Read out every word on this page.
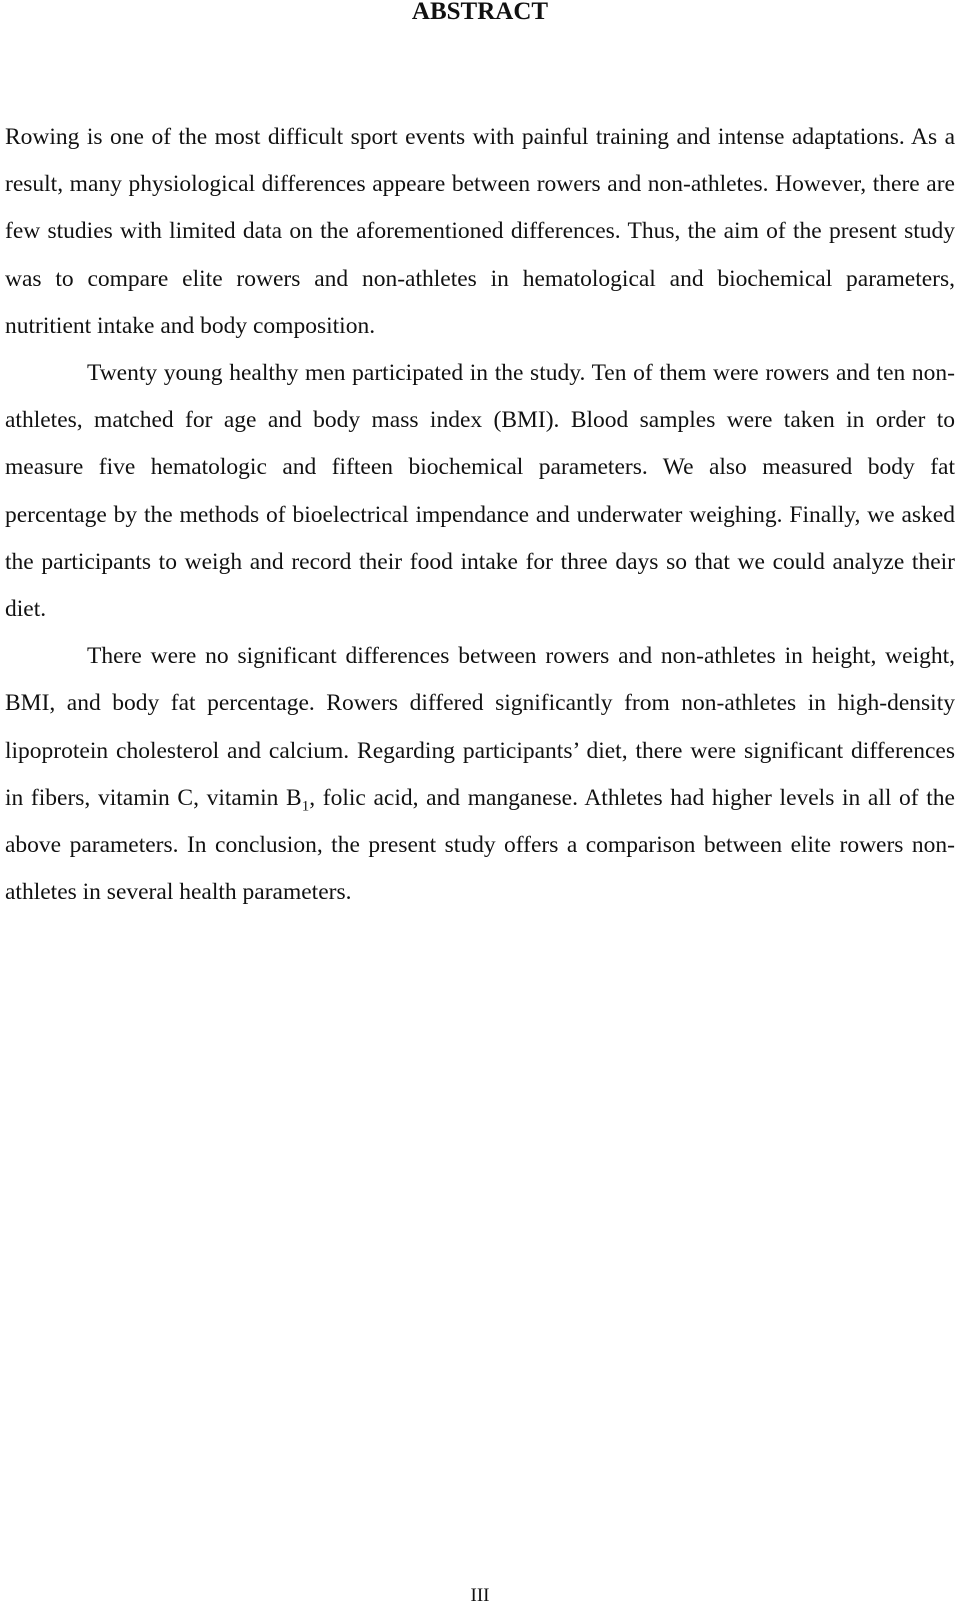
ABSTRACT

Rowing is one of the most difficult sport events with painful training and intense adaptations. As a result, many physiological differences appeare between rowers and non-athletes. However, there are few studies with limited data on the aforementioned differences. Thus, the aim of the present study was to compare elite rowers and non-athletes in hematological and biochemical parameters, nutritient intake and body composition.

Twenty young healthy men participated in the study. Ten of them were rowers and ten non-athletes, matched for age and body mass index (BMI). Blood samples were taken in order to measure five hematologic and fifteen biochemical parameters. We also measured body fat percentage by the methods of bioelectrical impendance and underwater weighing. Finally, we asked the participants to weigh and record their food intake for three days so that we could analyze their diet.

There were no significant differences between rowers and non-athletes in height, weight, BMI, and body fat percentage. Rowers differed significantly from non-athletes in high-density lipoprotein cholesterol and calcium. Regarding participants’ diet, there were significant differences in fibers, vitamin C, vitamin $B_1$, folic acid, and manganese. Athletes had higher levels in all of the above parameters. In conclusion, the present study offers a comparison between elite rowers non-athletes in several health parameters.

III
